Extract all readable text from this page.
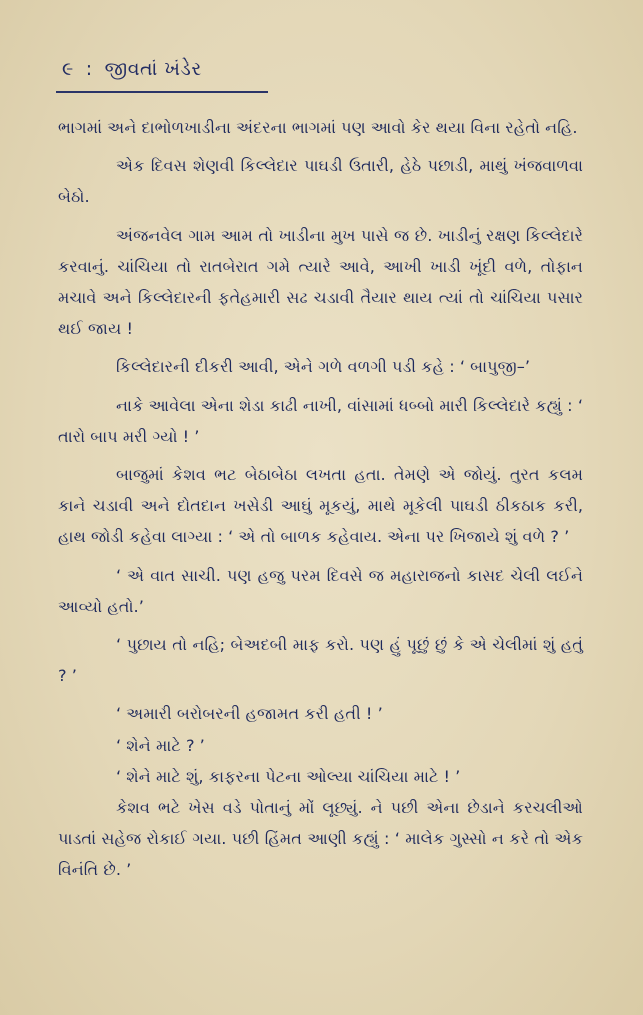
૯ : જીવતાં ખંડેર

ભાગમાં અને દાભોળખાડીના અંદરના ભાગમાં પણ આવો કેર થયા વિના રહેતો નહિ.

એક દિવસ શેણવી કિલ્લેદાર પાઘડી ઉતારી, હેઠે પછાડી, માથું ખંજવાળવા બેઠો.

અંજનવેલ ગામ આમ તો ખાડીના મુખ પાસે જ છે. ખાડીનું રક્ષણ કિલ્લેદારે કરવાનું. ચાંચિયા તો રાતબેરાત ગમે ત્યારે આવે, આખી ખાડી ખૂંદી વળે, તોફાન મચાવે અને કિલ્લેદારની ફતેહમારી સઢ ચડાવી તૈયાર થાય ત્યાં તો ચાંચિયા પસાર થઈ જાય !

કિલ્લેદારની દીકરી આવી, એને ગળે વળગી પડી કહે : ‘ બાપુજી–’

નાકે આવેલા એના શેડા કાઢી નાખી, વાંસામાં ધબ્બો મારી કિલ્લેદારે કહ્યું : ‘ તારો બાપ મરી ગ્યો ! ’

બાજુમાં કેશવ ભટ બેઠાબેઠા લખતા હતા. તેમણે એ જોયું. તુરત કલમ કાને ચડાવી અને દોતદાન ખસેડી આઘું મૂકયું, માથે મૂકેલી પાઘડી ઠીકઠાક કરી, હાથ જોડી કહેવા લાગ્યા : ‘ એ તો બાળક કહેવાય. એના પર ખિજાયે શું વળે ? ’

‘ એ વાત સાચી. પણ હજુ પરમ દિવસે જ મહારાજનો કાસદ ચેલી લઈને આવ્યો હતો.’

‘ પુછાય તો નહિ; બેઅદબી માફ કરો. પણ હું પૂછું છું કે એ ચેલીમાં શું હતું ? ’

‘ અમારી બરોબરની હજામત કરી હતી ! ’

‘ શેને માટે ? ’

‘ શેને માટે શું, કાફરના પેટના ઓલ્યા ચાંચિયા માટે ! ’

કેશવ ભટે ખેસ વડે પોતાનું મોં લૂછ્યું. ને પછી એના છેડાને કરચલીઓ પાડતાં સહેજ રોકાઈ ગયા. પછી હિંમત આણી કહ્યું : ‘ માલેક ગુસ્સો ન કરે તો એક વિનંતિ છે. ’
